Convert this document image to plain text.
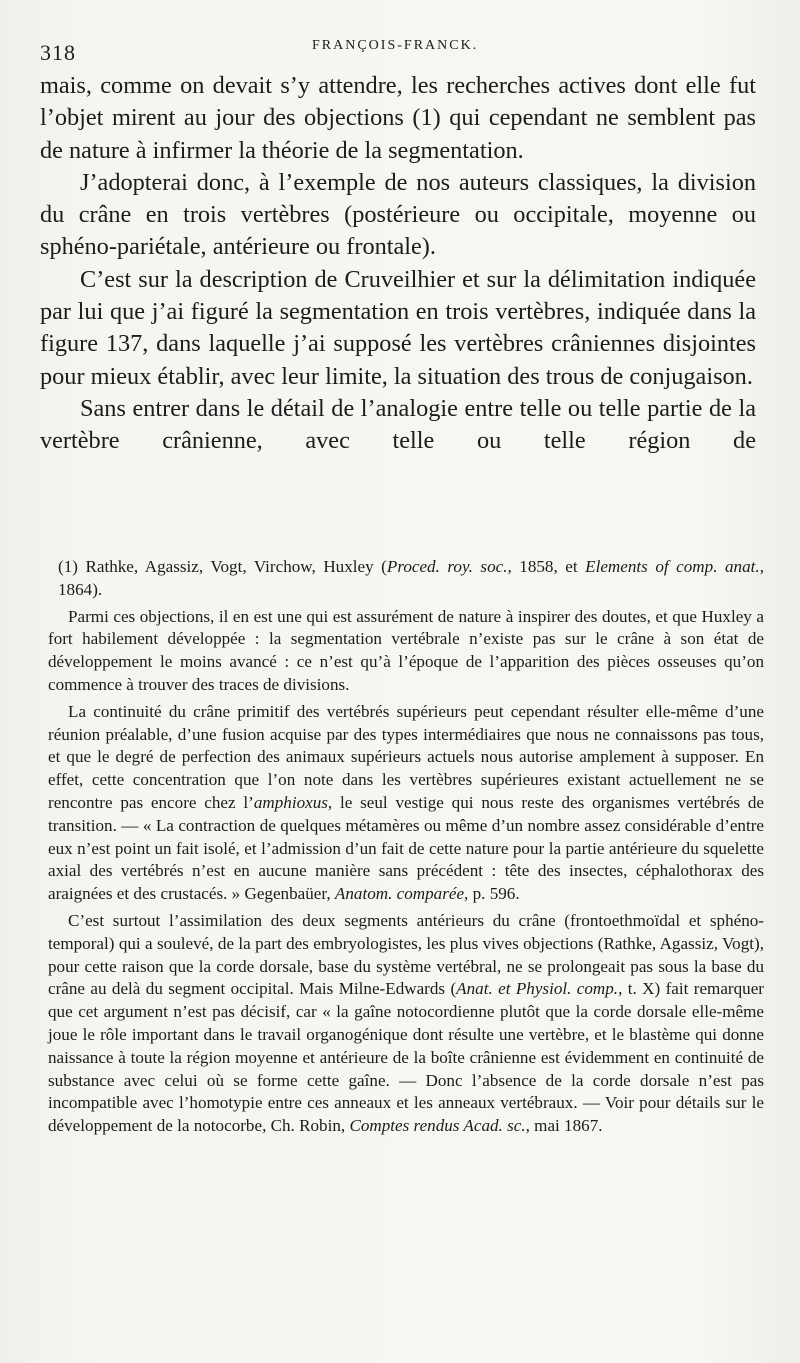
318	FRANÇOIS-FRANCK.

mais, comme on devait s’y attendre, les recherches actives dont elle fut l’objet mirent au jour des objections (1) qui cependant ne semblent pas de nature à infirmer la théorie de la segmentation.

J’adopterai donc, à l’exemple de nos auteurs classiques, la division du crâne en trois vertèbres (postérieure ou occipitale, moyenne ou sphéno-pariétale, antérieure ou frontale).

C’est sur la description de Cruveilhier et sur la délimitation indiquée par lui que j’ai figuré la segmentation en trois vertèbres, indiquée dans la figure 137, dans laquelle j’ai supposé les vertèbres crâniennes disjointes pour mieux établir, avec leur limite, la situation des trous de conjugaison.

Sans entrer dans le détail de l’analogie entre telle ou telle partie de la vertèbre crânienne, avec telle ou telle région de

(1) Rathke, Agassiz, Vogt, Virchow, Huxley (Proced. roy. soc., 1858, et Elements of comp. anat., 1864).

Parmi ces objections, il en est une qui est assurément de nature à inspirer des doutes, et que Huxley a fort habilement développée : la segmentation vertébrale n’existe pas sur le crâne à son état de développement le moins avancé : ce n’est qu’à l’époque de l’apparition des pièces osseuses qu’on commence à trouver des traces de divisions.

La continuité du crâne primitif des vertébrés supérieurs peut cependant résulter elle-même d’une réunion préalable, d’une fusion acquise par des types intermédiaires que nous ne connaissons pas tous, et que le degré de perfection des animaux supérieurs actuels nous autorise amplement à supposer. En effet, cette concentration que l’on note dans les vertèbres supérieures existant actuellement ne se rencontre pas encore chez l’amphioxus, le seul vestige qui nous reste des organismes vertébrés de transition. — « La contraction de quelques métamères ou même d’un nombre assez considérable d’entre eux n’est point un fait isolé, et l’admission d’un fait de cette nature pour la partie antérieure du squelette axial des vertébrés n’est en aucune manière sans précédent : tête des insectes, céphalothorax des araignées et des crustacés. » Gegenbaüer, Anatom. comparée, p. 596.

C’est surtout l’assimilation des deux segments antérieurs du crâne (frontoethmoïdal et sphéno-temporal) qui a soulevé, de la part des embryologistes, les plus vives objections (Rathke, Agassiz, Vogt), pour cette raison que la corde dorsale, base du système vertébral, ne se prolongeait pas sous la base du crâne au delà du segment occipital. Mais Milne-Edwards (Anat. et Physiol. comp., t. X) fait remarquer que cet argument n’est pas décisif, car « la gaîne notocordienne plutôt que la corde dorsale elle-même joue le rôle important dans le travail organogénique dont résulte une vertèbre, et le blastème qui donne naissance à toute la région moyenne et antérieure de la boîte crânienne est évidemment en continuité de substance avec celui où se forme cette gaîne. — Donc l’absence de la corde dorsale n’est pas incompatible avec l’homotypie entre ces anneaux et les anneaux vertébraux. — Voir pour détails sur le développement de la notocorbe, Ch. Robin, Comptes rendus Acad. sc., mai 1867.
